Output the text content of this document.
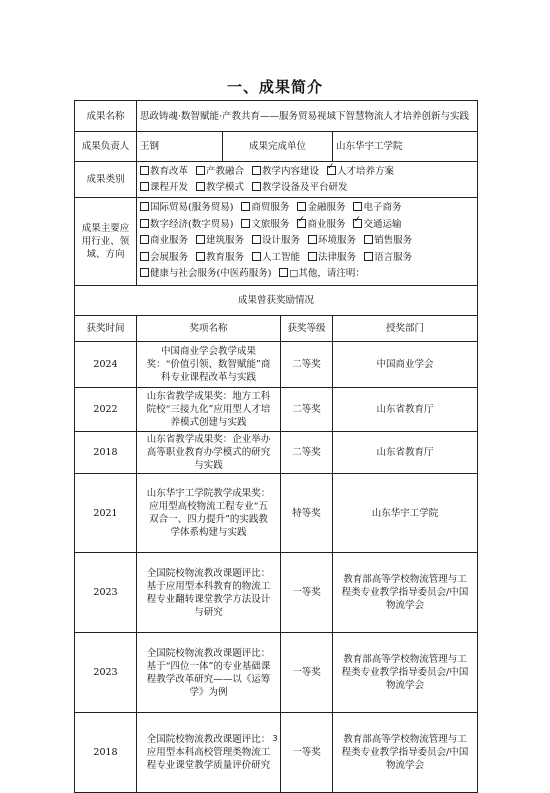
一、成果简介
成果名称	思政铸魂·数智赋能·产教共育——服务贸易视域下智慧物流人才培养创新与实践			
成果负责人	王钢	成果完成单位		山东华宇工学院
成果类别	教育改革 产教融合 教学内容建设 ✓ 人才培养方案
课程开发 教学模式 教学设备及平台研发

成果主要应用行业、领域、方向	国际贸易(服务贸易) 商贸服务 金融服务 电子商务
数字经济(数字贸易) 文旅服务 ✓ 商业服务 ✓ 交通运输
商业服务 建筑服务 设计服务 环境服务 销售服务
会展服务 教育服务 人工智能 法律服务 语言服务
健康与社会服务(中医药服务) □其他，请注明：

成果曾获奖励情况				
获奖时间	奖项名称		获奖等级	授奖部门
2024	中国商业学会教学成果奖：“价值引领、数智赋能”商科专业课程改革与实践		二等奖	中国商业学会
2022	山东省教学成果奖：地方工科院校“三接九化”应用型人才培养模式创建与实践		二等奖	山东省教育厅
2018	山东省教学成果奖：企业举办高等职业教育办学模式的研究与实践		二等奖	山东省教育厅
2021	山东华宇工学院教学成果奖：应用型高校物流工程专业“五双合一、四力提升”的实践教学体系构建与实践		特等奖	山东华宇工学院
2023	全国院校物流教改课题评比：基于应用型本科教育的物流工程专业翻转课堂教学方法设计与研究		一等奖	教育部高等学校物流管理与工程类专业教学指导委员会/中国物流学会
2023	全国院校物流教改课题评比：基于“四位一体”的专业基础课程教学改革研究——以《运筹学》为例		一等奖	教育部高等学校物流管理与工程类专业教学指导委员会/中国物流学会
2018	全国院校物流教改课题评比：应用型本科高校管理类物流工程专业课堂教学质量评价研究		一等奖	教育部高等学校物流管理与工程类专业教学指导委员会/中国物流学会
3
